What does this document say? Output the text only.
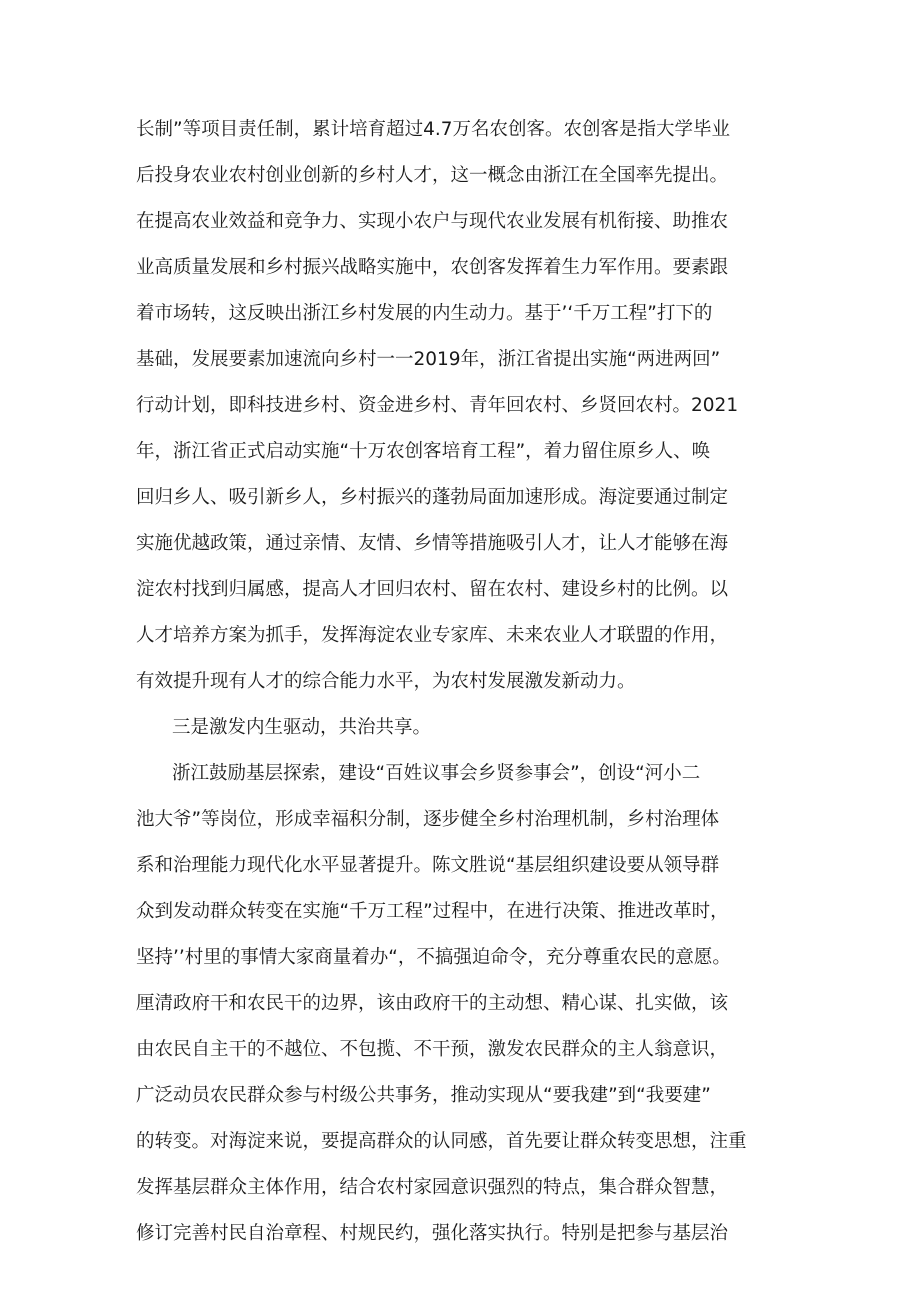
长制”等项目责任制，累计培育超过4.7万名农创客。农创客是指大学毕业
后投身农业农村创业创新的乡村人才，这一概念由浙江在全国率先提出。
在提高农业效益和竞争力、实现小农户与现代农业发展有机衔接、助推农
业高质量发展和乡村振兴战略实施中，农创客发挥着生力军作用。要素跟
着市场转，这反映出浙江乡村发展的内生动力。基于’‘千万工程”打下的
基础，发展要素加速流向乡村一一2019年，浙江省提出实施“两进两回”
行动计划，即科技进乡村、资金进乡村、青年回农村、乡贤回农村。2021
年，浙江省正式启动实施“十万农创客培育工程”，着力留住原乡人、唤
回归乡人、吸引新乡人，乡村振兴的蓬勃局面加速形成。海淀要通过制定
实施优越政策，通过亲情、友情、乡情等措施吸引人才，让人才能够在海
淀农村找到归属感，提高人才回归农村、留在农村、建设乡村的比例。以
人才培养方案为抓手，发挥海淀农业专家库、未来农业人才联盟的作用，
有效提升现有人才的综合能力水平，为农村发展激发新动力。
三是激发内生驱动，共治共享。
浙江鼓励基层探索，建设“百姓议事会乡贤参事会”，创设“河小二
池大爷”等岗位，形成幸福积分制，逐步健全乡村治理机制，乡村治理体
系和治理能力现代化水平显著提升。陈文胜说“基层组织建设要从领导群
众到发动群众转变在实施“千万工程”过程中，在进行决策、推进改革时，
坚持’’村里的事情大家商量着办“，不搞强迫命令，充分尊重农民的意愿。
厘清政府干和农民干的边界，该由政府干的主动想、精心谋、扎实做，该
由农民自主干的不越位、不包揽、不干预，激发农民群众的主人翁意识，
广泛动员农民群众参与村级公共事务，推动实现从“要我建”到“我要建”
的转变。对海淀来说，要提高群众的认同感，首先要让群众转变思想，注重
发挥基层群众主体作用，结合农村家园意识强烈的特点，集合群众智慧，
修订完善村民自治章程、村规民约，强化落实执行。特别是把参与基层治
